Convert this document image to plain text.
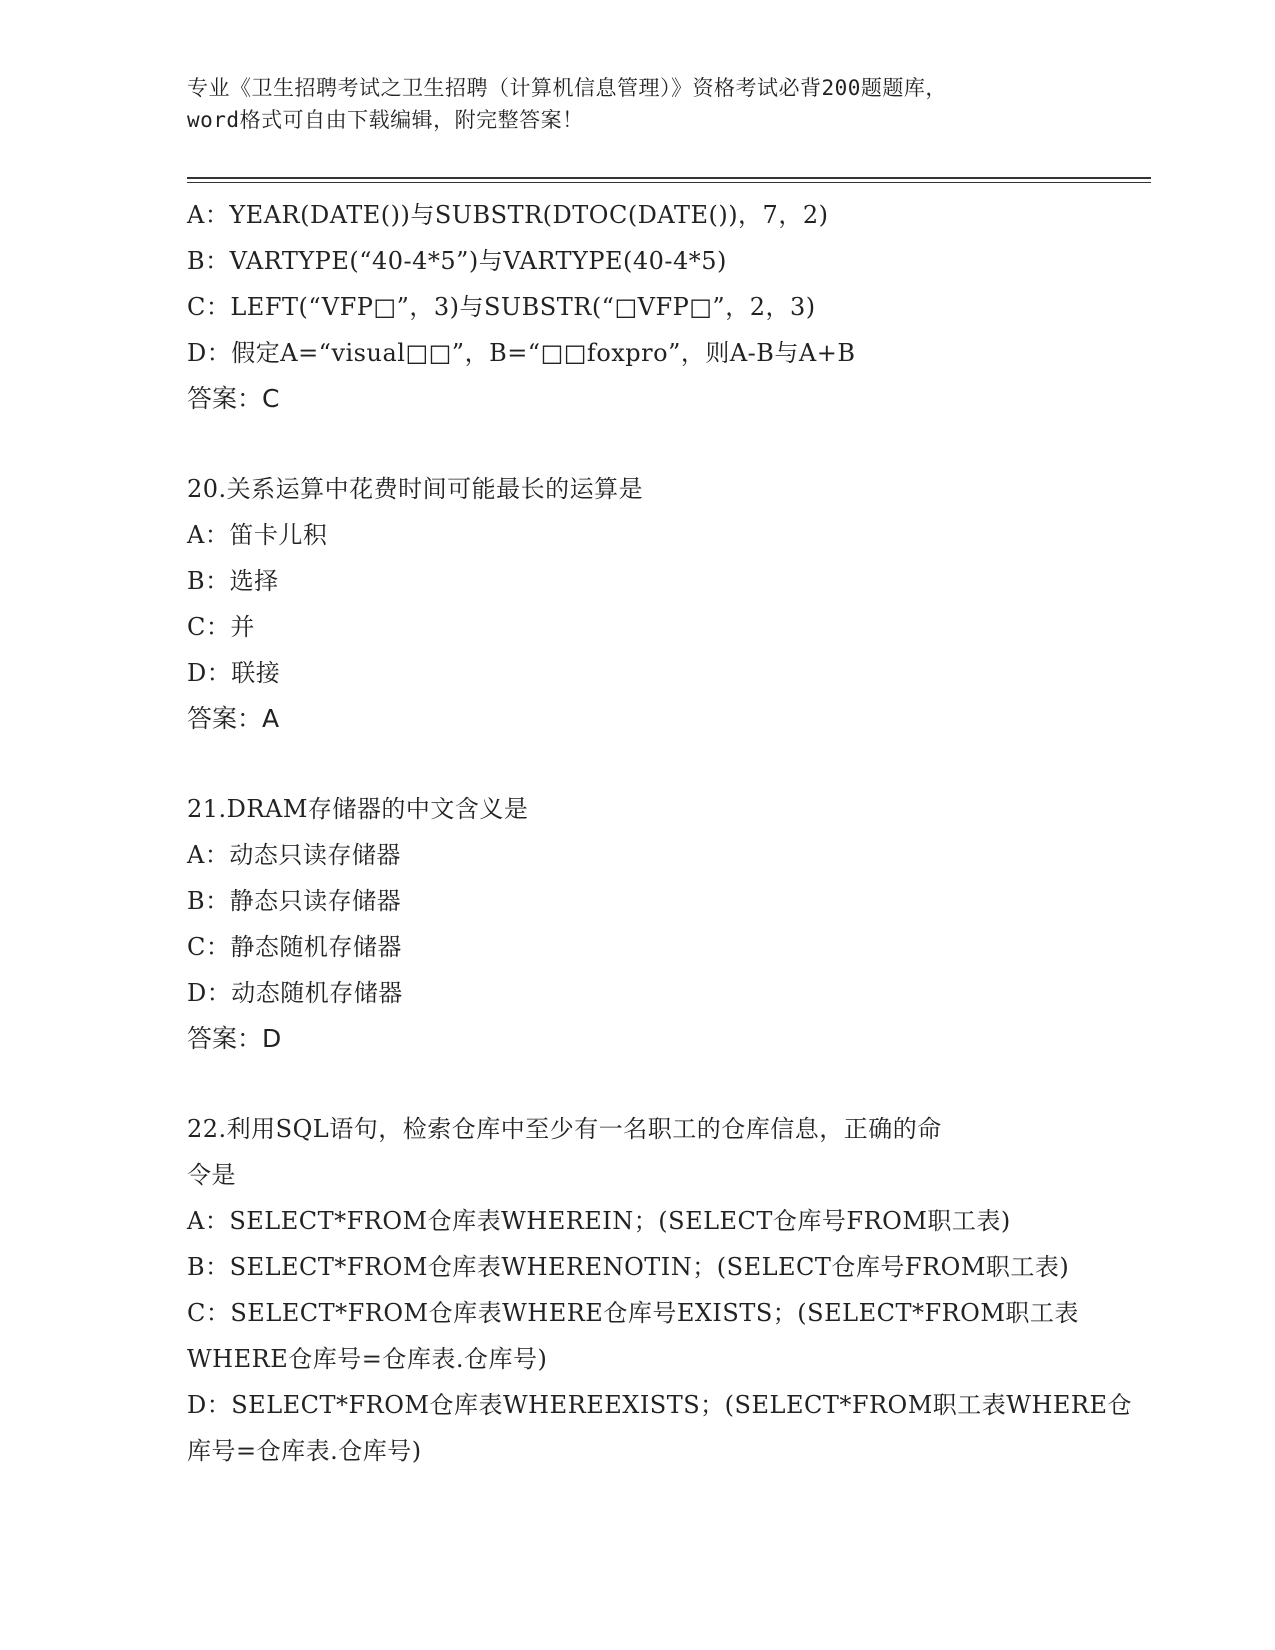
专业《卫生招聘考试之卫生招聘（计算机信息管理）》资格考试必背200题题库，
word格式可自由下载编辑，附完整答案！
A：YEAR(DATE())与SUBSTR(DTOC(DATE())，7，2)
B：VARTYPE(“40-4*5”)与VARTYPE(40-4*5)
C：LEFT(“VFP□”，3)与SUBSTR(“□VFP□”，2，3)
D：假定A=“visual□□”，B=“□□foxpro”，则A-B与A+B
答案：C
20.关系运算中花费时间可能最长的运算是
A：笛卡儿积
B：选择
C：并
D：联接
答案：A
21.DRAM存储器的中文含义是
A：动态只读存储器
B：静态只读存储器
C：静态随机存储器
D：动态随机存储器
答案：D
22.利用SQL语句，检索仓库中至少有一名职工的仓库信息，正确的命
令是
A：SELECT*FROM仓库表WHEREIN；(SELECT仓库号FROM职工表)
B：SELECT*FROM仓库表WHERENOTIN；(SELECT仓库号FROM职工表)
C：SELECT*FROM仓库表WHERE仓库号EXISTS；(SELECT*FROM职工表
WHERE仓库号=仓库表.仓库号)
D：SELECT*FROM仓库表WHEREEXISTS；(SELECT*FROM职工表WHERE仓
库号=仓库表.仓库号)
